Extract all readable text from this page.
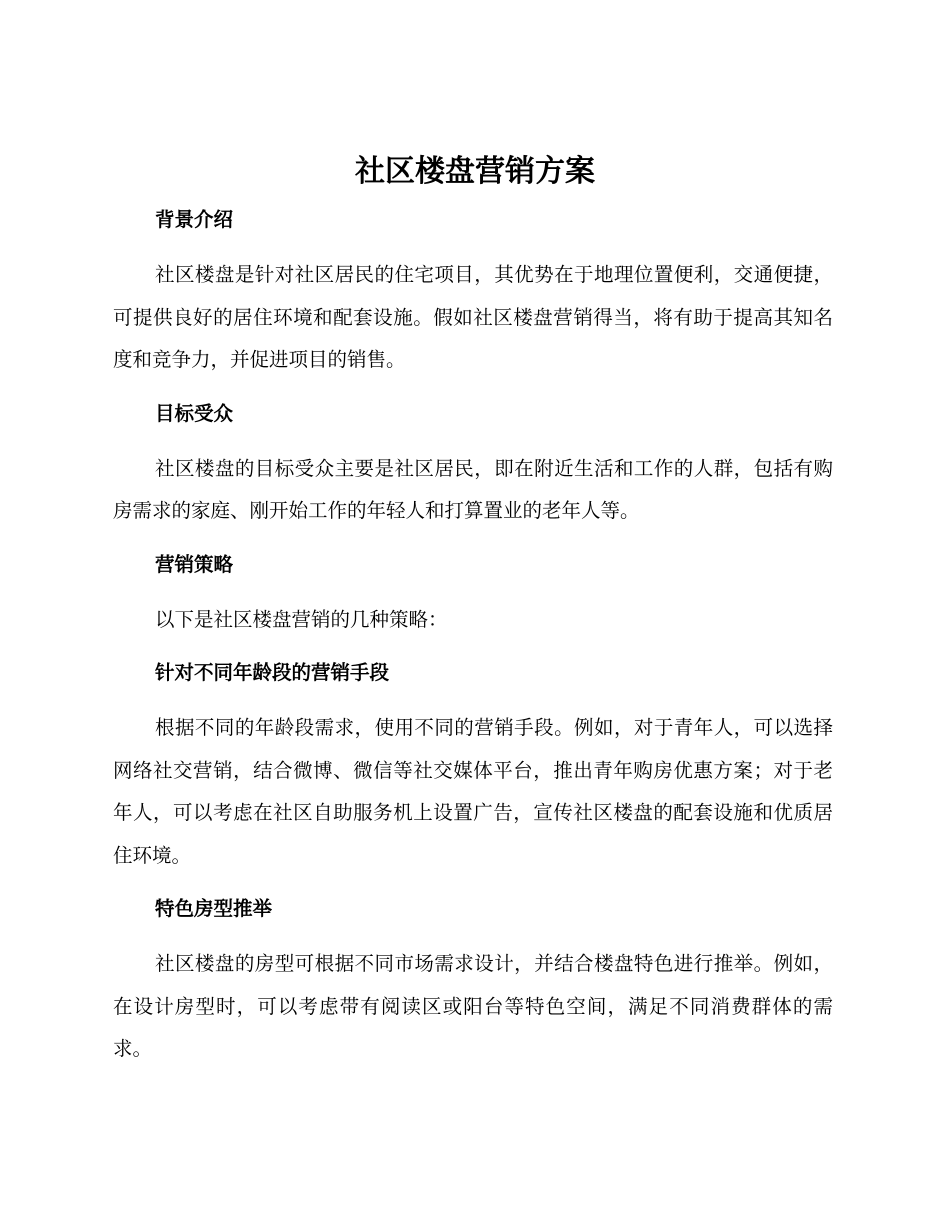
社区楼盘营销方案
背景介绍

社区楼盘是针对社区居民的住宅项目，其优势在于地理位置便利，交通便捷，可提供良好的居住环境和配套设施。假如社区楼盘营销得当，将有助于提高其知名度和竞争力，并促进项目的销售。

目标受众

社区楼盘的目标受众主要是社区居民，即在附近生活和工作的人群，包括有购房需求的家庭、刚开始工作的年轻人和打算置业的老年人等。

营销策略

以下是社区楼盘营销的几种策略：

针对不同年龄段的营销手段

根据不同的年龄段需求，使用不同的营销手段。例如，对于青年人，可以选择网络社交营销，结合微博、微信等社交媒体平台，推出青年购房优惠方案；对于老年人，可以考虑在社区自助服务机上设置广告，宣传社区楼盘的配套设施和优质居住环境。

特色房型推举

社区楼盘的房型可根据不同市场需求设计，并结合楼盘特色进行推举。例如，在设计房型时，可以考虑带有阅读区或阳台等特色空间，满足不同消费群体的需求。
